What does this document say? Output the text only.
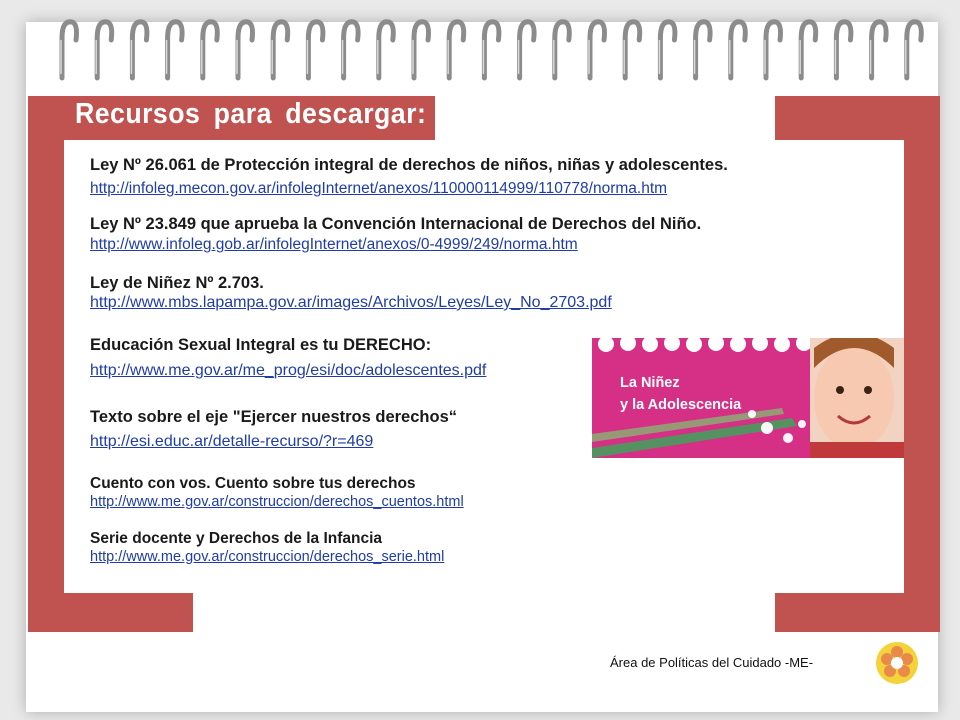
Recursos para descargar:
Ley Nº 26.061 de Protección integral de derechos de niños, niñas y adolescentes.
http://infoleg.mecon.gov.ar/infolegInternet/anexos/110000114999/110778/norma.htm
Ley Nº 23.849 que aprueba la Convención Internacional de Derechos del Niño.
http://www.infoleg.gob.ar/infolegInternet/anexos/0-4999/249/norma.htm
Ley de Niñez Nº 2.703.
http://www.mbs.lapampa.gov.ar/images/Archivos/Leyes/Ley_No_2703.pdf
Educación Sexual Integral es tu DERECHO:
http://www.me.gov.ar/me_prog/esi/doc/adolescentes.pdf
Texto sobre el eje "Ejercer nuestros derechos“
http://esi.educ.ar/detalle-recurso/?r=469
Cuento con vos. Cuento sobre tus derechos
http://www.me.gov.ar/construccion/derechos_cuentos.html
Serie docente y Derechos de la Infancia
http://www.me.gov.ar/construccion/derechos_serie.html
La Niñez
y la Adolescencia
Área de Políticas del Cuidado -ME-
